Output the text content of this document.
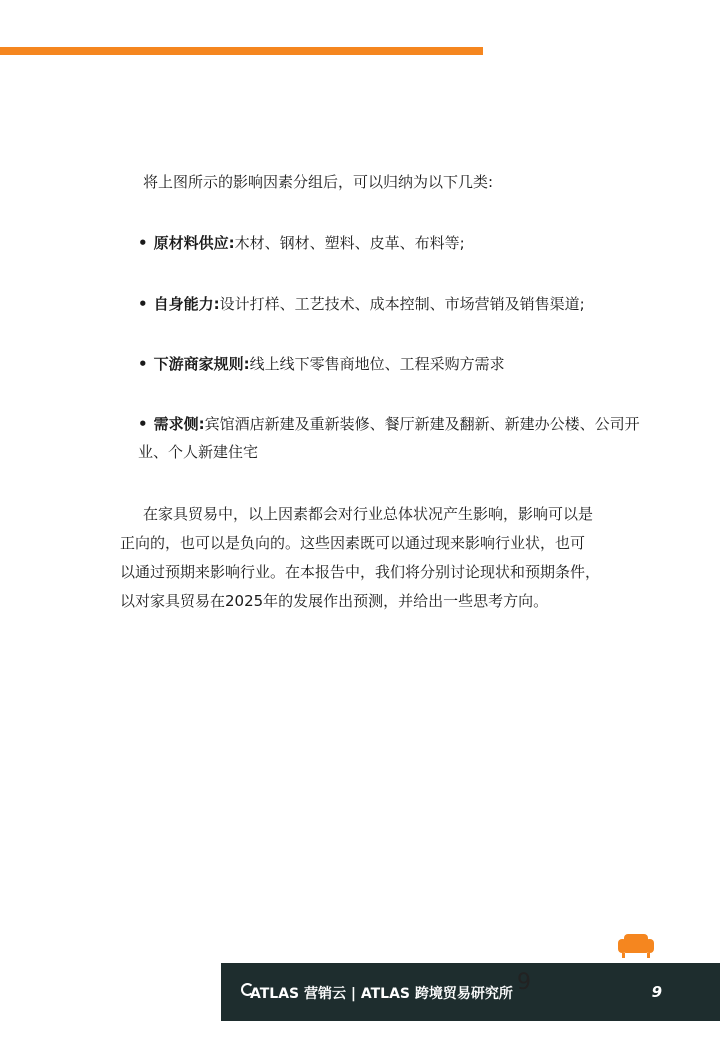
将上图所示的影响因素分组后，可以归纳为以下几类:
• 原材料供应:木材、钢材、塑料、皮革、布料等;
• 自身能力:设计打样、工艺技术、成本控制、市场营销及销售渠道;
• 下游商家规则:线上线下零售商地位、工程采购方需求
• 需求侧:宾馆酒店新建及重新装修、餐厅新建及翻新、新建办公楼、公司开业、个人新建住宅
在家具贸易中，以上因素都会对行业总体状况产生影响，影响可以是
正向的，也可以是负向的。这些因素既可以通过现来影响行业状，也可
以通过预期来影响行业。在本报告中，我们将分别讨论现状和预期条件，
以对家具贸易在2025年的发展作出预测，并给出一些思考方向。
ATLAS 营销云 | ATLAS 跨境贸易研究所	9
9
